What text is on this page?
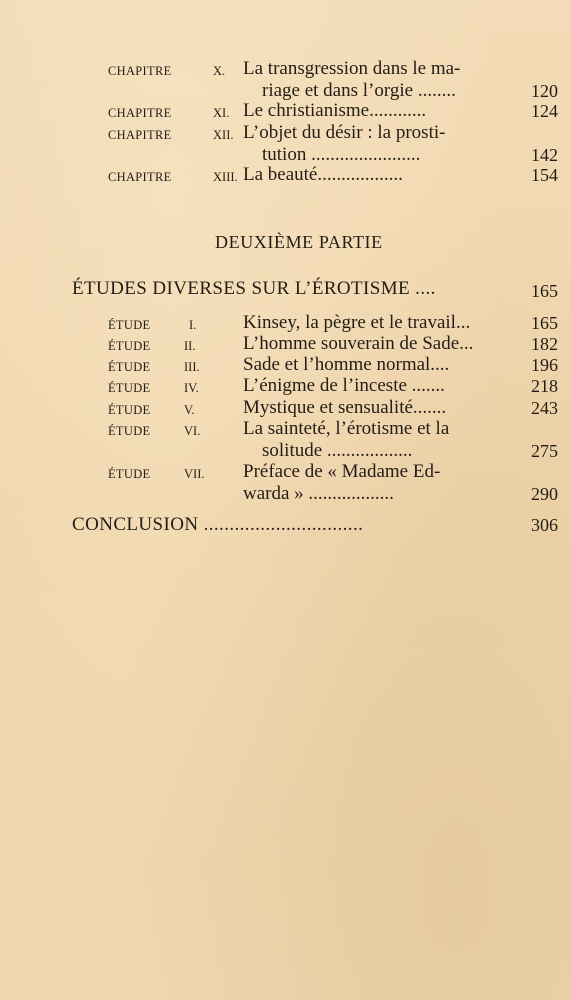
CHAPITRE	X. La transgression dans le ma-
riage et dans l’orgie ........	120
CHAPITRE	XI. Le christianisme............	124
CHAPITRE	XII. L’objet du désir : la prosti-
tution .......................	142
CHAPITRE	XIII. La beauté..................	154
DEUXIÈME PARTIE
ÉTUDES DIVERSES SUR L’ÉROTISME ....	165
ÉTUDE	I. Kinsey, la pègre et le travail...	165
ÉTUDE	II.	L’homme souverain de Sade...	182
ÉTUDE	III. Sade et l’homme normal....	196
ÉTUDE	IV. L’énigme de l’inceste .......	218
ÉTUDE	V.	Mystique et sensualité.......	243
ÉTUDE	VI. La sainteté, l’érotisme et la
solitude ..................	275
ÉTUDE	VII. Préface de « Madame Ed-
warda » ..................	290
CONCLUSION ...............................	306
